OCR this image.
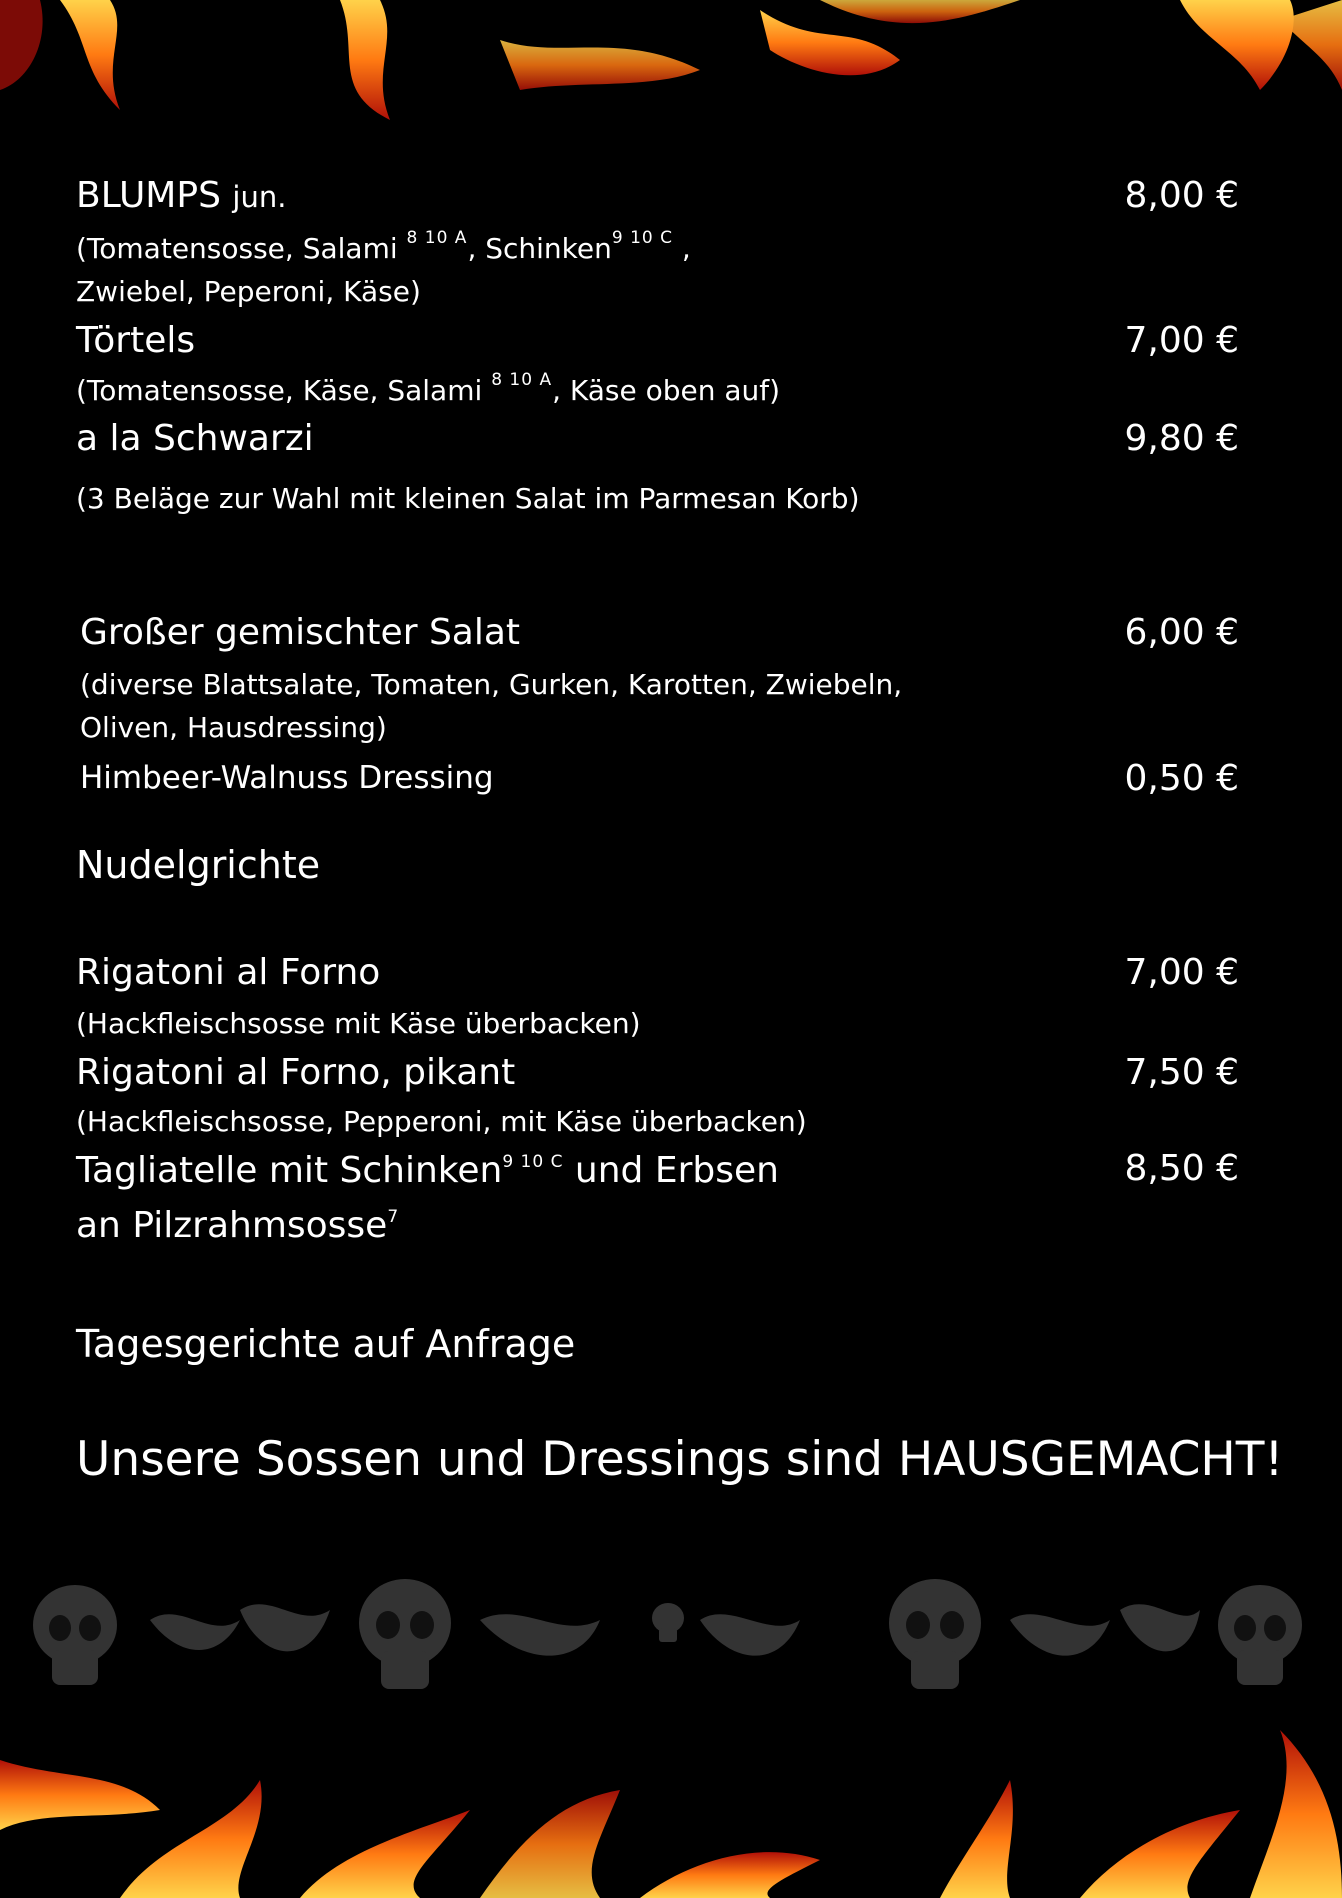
BLUMPS jun.	8,00 €
(Tomatensosse, Salami $^{8 10 A}$, Schinken$^{9 10 C}$ ,
Zwiebel, Peperoni, Käse)
Törtels	7,00 €
(Tomatensosse, Käse, Salami $^{8 10 A}$, Käse oben auf)
a la Schwarzi	9,80 €
(3 Beläge zur Wahl mit kleinen Salat im Parmesan Korb)
Großer gemischter Salat	6,00 €
(diverse Blattsalate, Tomaten, Gurken, Karotten, Zwiebeln,
Oliven, Hausdressing)
Himbeer-Walnuss Dressing	0,50 €
Nudelgrichte
Rigatoni al Forno	7,00 €
(Hackfleischsosse mit Käse überbacken)
Rigatoni al Forno, pikant	7,50 €
(Hackfleischsosse, Pepperoni, mit Käse überbacken)
Tagliatelle mit Schinken$^{9 10 C}$ und Erbsen	8,50 €
an Pilzrahmsosse$^7$
Tagesgerichte auf Anfrage
Unsere Sossen und Dressings sind HAUSGEMACHT!
